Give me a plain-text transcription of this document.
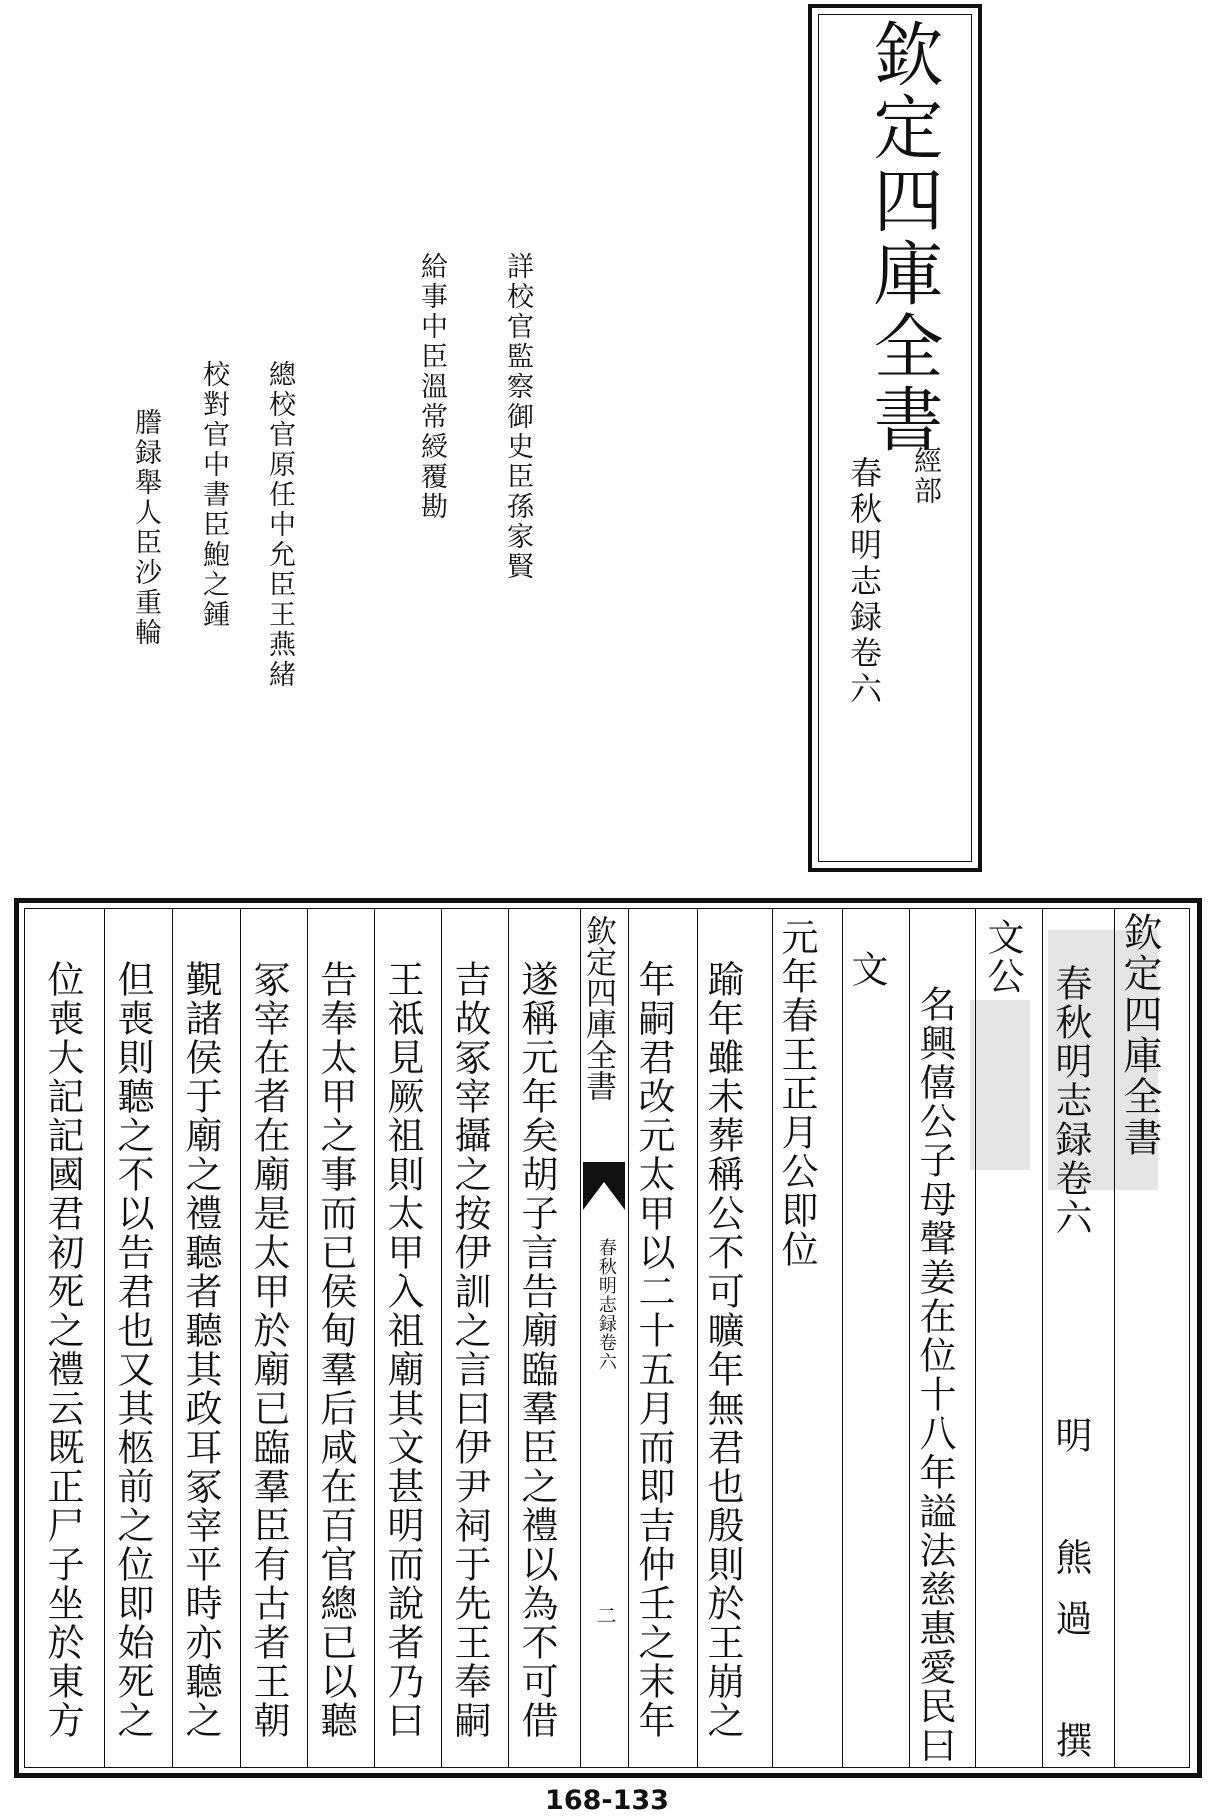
欽定四庫全書
經部
春秋明志録卷六
詳校官監察御史臣孫家賢
給事中臣溫常綬覆勘
總校官原任中允臣王燕緒
校對官中書臣鮑之鍾
謄録舉人臣沙重輪
欽定四庫全書
春秋明志録卷六
二
欽定四庫全書
春秋明志録卷六
明　熊過　撰
文公
名興僖公子母聲姜在位十八年謚法慈惠愛民曰
文
元年春王正月公即位
踰年雖未葬稱公不可曠年無君也殷則於王崩之
年嗣君改元太甲以二十五月而即吉仲壬之末年
遂稱元年矣胡子言告廟臨羣臣之禮以為不可借
吉故冢宰攝之按伊訓之言曰伊尹祠于先王奉嗣
王祗見厥祖則太甲入祖廟其文甚明而說者乃曰
告奉太甲之事而已侯甸羣后咸在百官總已以聽
冢宰在者在廟是太甲於廟已臨羣臣有古者王朝
覲諸侯于廟之禮聽者聽其政耳冢宰平時亦聽之
但喪則聽之不以告君也又其柩前之位即始死之
位喪大記記國君初死之禮云既正尸子坐於東方
168-133
